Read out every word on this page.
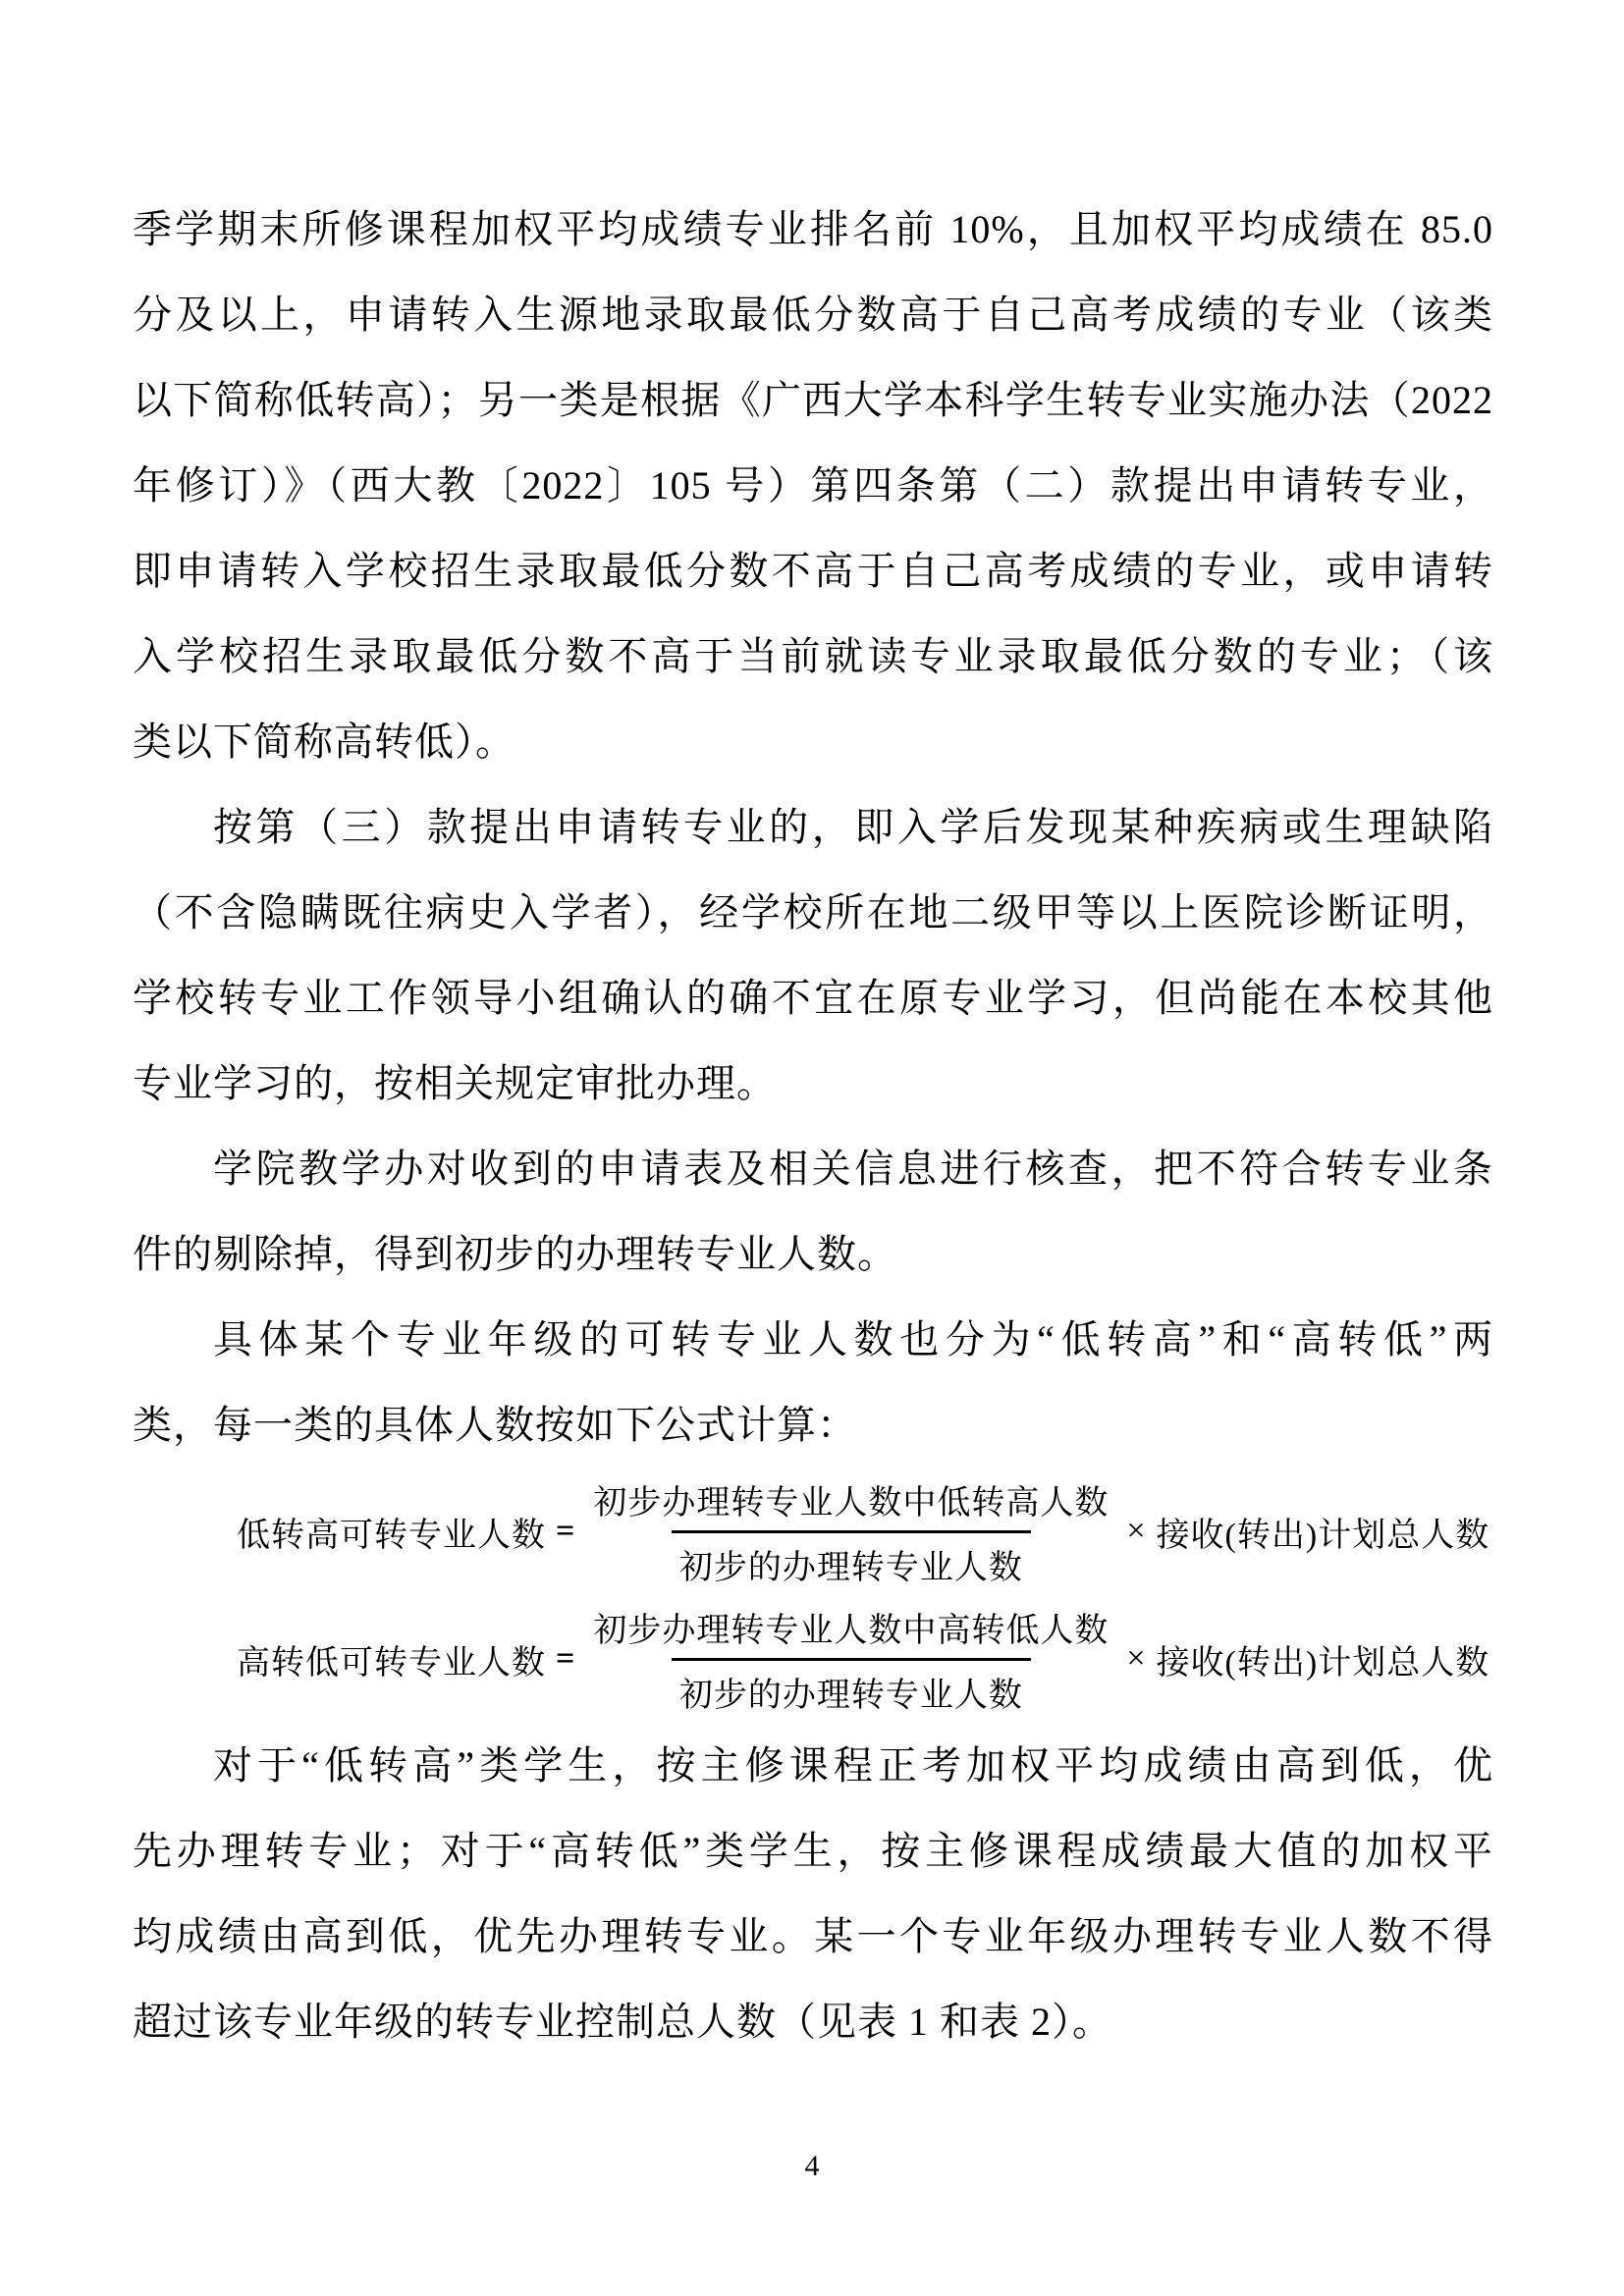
季学期末所修课程加权平均成绩专业排名前 10%，且加权平均成绩在 85.0
分及以上，申请转入生源地录取最低分数高于自己高考成绩的专业（该类
以下简称低转高）；另一类是根据《广西大学本科学生转专业实施办法（2022
年修订）》（西大教〔2022〕105 号）第四条第（二）款提出申请转专业，
即申请转入学校招生录取最低分数不高于自己高考成绩的专业，或申请转
入学校招生录取最低分数不高于当前就读专业录取最低分数的专业；（该
类以下简称高转低）。
按第（三）款提出申请转专业的，即入学后发现某种疾病或生理缺陷
（不含隐瞒既往病史入学者），经学校所在地二级甲等以上医院诊断证明，
学校转专业工作领导小组确认的确不宜在原专业学习，但尚能在本校其他
专业学习的，按相关规定审批办理。
学院教学办对收到的申请表及相关信息进行核查，把不符合转专业条
件的剔除掉，得到初步的办理转专业人数。
具体某个专业年级的可转专业人数也分为“低转高”和“高转低”两
类，每一类的具体人数按如下公式计算：
低转高可转专业人数 = $\frac{\text{初步办理转专业人数中低转高人数}}{\text{初步的办理转专业人数}}$ × 接收(转出)计划总人数
高转低可转专业人数 = $\frac{\text{初步办理转专业人数中高转低人数}}{\text{初步的办理转专业人数}}$ × 接收(转出)计划总人数
对于“低转高”类学生，按主修课程正考加权平均成绩由高到低，优
先办理转专业；对于“高转低”类学生，按主修课程成绩最大值的加权平
均成绩由高到低，优先办理转专业。某一个专业年级办理转专业人数不得
超过该专业年级的转专业控制总人数（见表 1 和表 2）。
4
